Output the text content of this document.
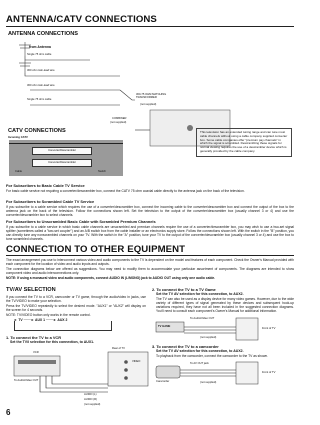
ANTENNA/CATV CONNECTIONS
ANTENNA CONNECTIONS
from Antenna
Single 75 ohm cable
300 ohm twin-lead wire
300 ohm twin-lead wire
Single 75 ohm cable
300-75 OHM MATCHING TRANSFORMER
(not supplied)
COMBINER
(not supplied)
CATV CONNECTIONS
Incoming CATV
Converter/Descrambler
Converter/Descrambler
Cable	Switch
This television has an extended tuning range and can tune most cable channels without using a cable company supplied converter box. Some cable companies offer "premium pay channels" in which the signal is scrambled. Descrambling these signals for normal viewing requires the use of a descrambler device which is generally provided by the cable company.
For Subscribers to Basic Cable TV Service
For basic cable service not requiring a converter/descrambler box, connect the CATV 75 ohm coaxial cable directly to the antenna jack on the back of the television.
For Subscribers to Scrambled Cable TV Service
If you subscribe to a cable service which requires the use of a converter/descrambler box, connect the incoming cable to the converter/descrambler box and connect the output of the box to the antenna jack on the back of the television. Follow the connections shown left. Set the television to the output of the converter/descrambler box (usually channel 3 or 4) and use the converter/descrambler box to select channels.
For Subscribers to Unscrambled Basic Cable with Scrambled Premium Channels
If you subscribe to a cable service in which basic cable channels are unscrambled and premium channels require the use of a converter/descrambler box, you may wish to use a two-set signal splitter (sometimes called a "two-set coupler") and an A/B switch box from the cable installer or an electronics supply store. Follow the connections shown left. With the switch in the "B" position, you can directly tune any nonscrambled channels on your TV. With the switch in the "A" position, tune your TV to the output of the converter/descrambler box (usually channel 3 or 4) and use the box to tune scrambled channels.
CONNECTION TO OTHER EQUIPMENT
The exact arrangement you use to interconnect various video and audio components to the TV is dependent on the model and features of each component. Check the Owner's Manual provided with each component for the location of video and audio inputs and outputs.
The connection diagrams below are offered as suggestions. You may need to modify them to accommodate your particular assortment of components. The diagrams are intended to show component video and audio interconnections only.
NOTE: If using a monaural video and audio components, connect AUDIO IN (L/MONO) jack to AUDIO OUT using only one audio cable.
TV/AV SELECTION
If you connect the TV to a VCR, camcorder or TV game, through the audio/video in jacks, use the TV/VIDEO to make your selection.
Press the TV/VIDEO repeatedly to select the desired mode. "AUX1" or "AUX2" will display on the screen for 4 seconds.
NOTE: TV/VIDEO button only works in the remote control.
► TV ───► AUX 1 ───► AUX 2
1. To connect the TV to a VCR
Set the TV/I selection for this connection, to AUX1.
VCR
Rear of TV
To Audio/Video OUT
VIDEO
AUDIO (L)
AUDIO (R)
(not supplied)
2. To connect the TV to a TV Game
Set the TV AV selection for this connection, to AUX2.
The TV can also be used as a display device for many video games. However, due to the wide variety of different types of signal generated by these devices and subsequent hook-up variations required, they have not all been included in the suggested connection diagrams. You'll need to consult each component's Owner's Manual for additional information.
To Audio/Video OUT
TV GAME
Front of TV
(not supplied)
3. To connect the TV to a camcorder
Set the TV AV selection for this connection, to AUX2.
To playback from the camcorder, connect the camcorder to the TV as shown.
To AV OUT jack
Camcorder
Front of TV
(not supplied)
6
